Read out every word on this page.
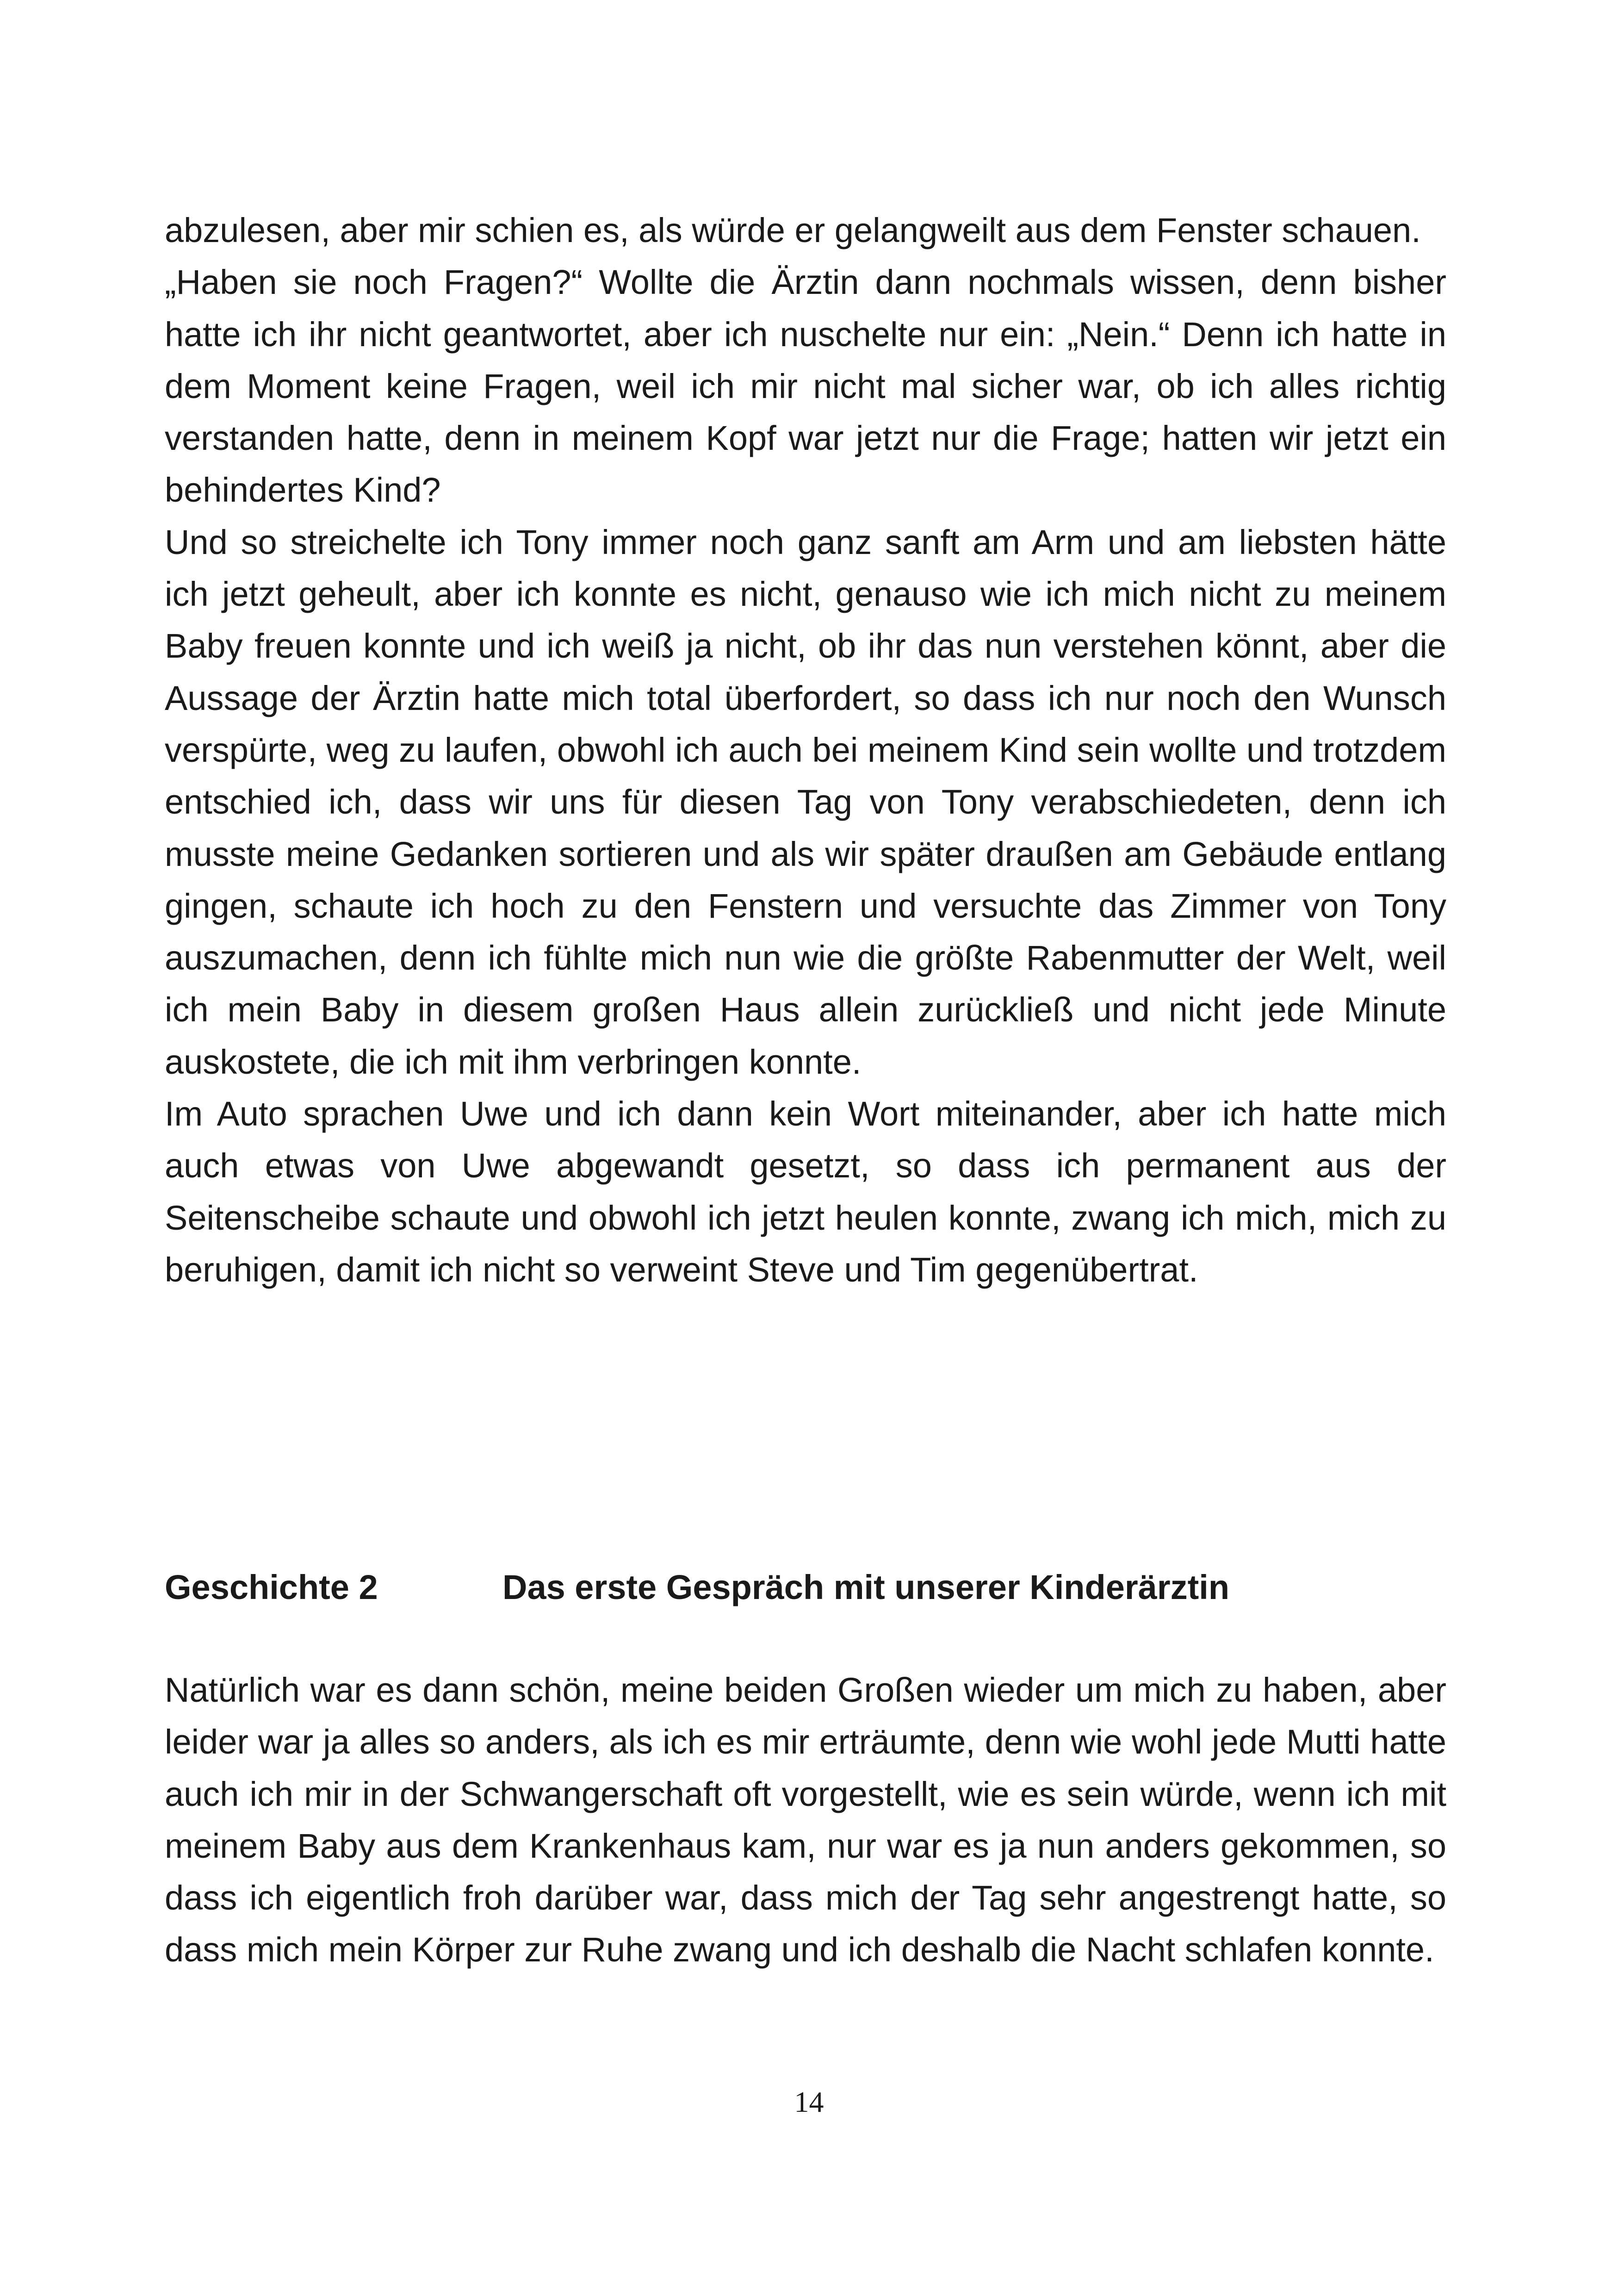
abzulesen, aber mir schien es, als würde er gelangweilt aus dem Fenster schauen.

„Haben sie noch Fragen?“ Wollte die Ärztin dann nochmals wissen, denn bisher hatte ich ihr nicht geantwortet, aber ich nuschelte nur ein: „Nein.“ Denn ich hatte in dem Moment keine Fragen, weil ich mir nicht mal sicher war, ob ich alles richtig verstanden hatte, denn in meinem Kopf war jetzt nur die Frage; hatten wir jetzt ein behindertes Kind?

Und so streichelte ich Tony immer noch ganz sanft am Arm und am liebsten hätte ich jetzt geheult, aber ich konnte es nicht, genauso wie ich mich nicht zu meinem Baby freuen konnte und ich weiß ja nicht, ob ihr das nun verstehen könnt, aber die Aussage der Ärztin hatte mich total überfordert, so dass ich nur noch den Wunsch verspürte, weg zu laufen, obwohl ich auch bei meinem Kind sein wollte und trotzdem entschied ich, dass wir uns für diesen Tag von Tony verabschiedeten, denn ich musste meine Gedanken sortieren und als wir später draußen am Gebäude entlang gingen, schaute ich hoch zu den Fenstern und versuchte das Zimmer von Tony auszumachen, denn ich fühlte mich nun wie die größte Rabenmutter der Welt, weil ich mein Baby in diesem großen Haus allein zurückließ und nicht jede Minute auskostete, die ich mit ihm verbringen konnte.

Im Auto sprachen Uwe und ich dann kein Wort miteinander, aber ich hatte mich auch etwas von Uwe abgewandt gesetzt, so dass ich permanent aus der Seitenscheibe schaute und obwohl ich jetzt heulen konnte, zwang ich mich, mich zu beruhigen, damit ich nicht so verweint Steve und Tim gegenübertrat.

Geschichte 2	Das erste Gespräch mit unserer Kinderärztin

Natürlich war es dann schön, meine beiden Großen wieder um mich zu haben, aber leider war ja alles so anders, als ich es mir erträumte, denn wie wohl jede Mutti hatte auch ich mir in der Schwangerschaft oft vorgestellt, wie es sein würde, wenn ich mit meinem Baby aus dem Krankenhaus kam, nur war es ja nun anders gekommen, so dass ich eigentlich froh darüber war, dass mich der Tag sehr angestrengt hatte, so dass mich mein Körper zur Ruhe zwang und ich deshalb die Nacht schlafen konnte.

14
